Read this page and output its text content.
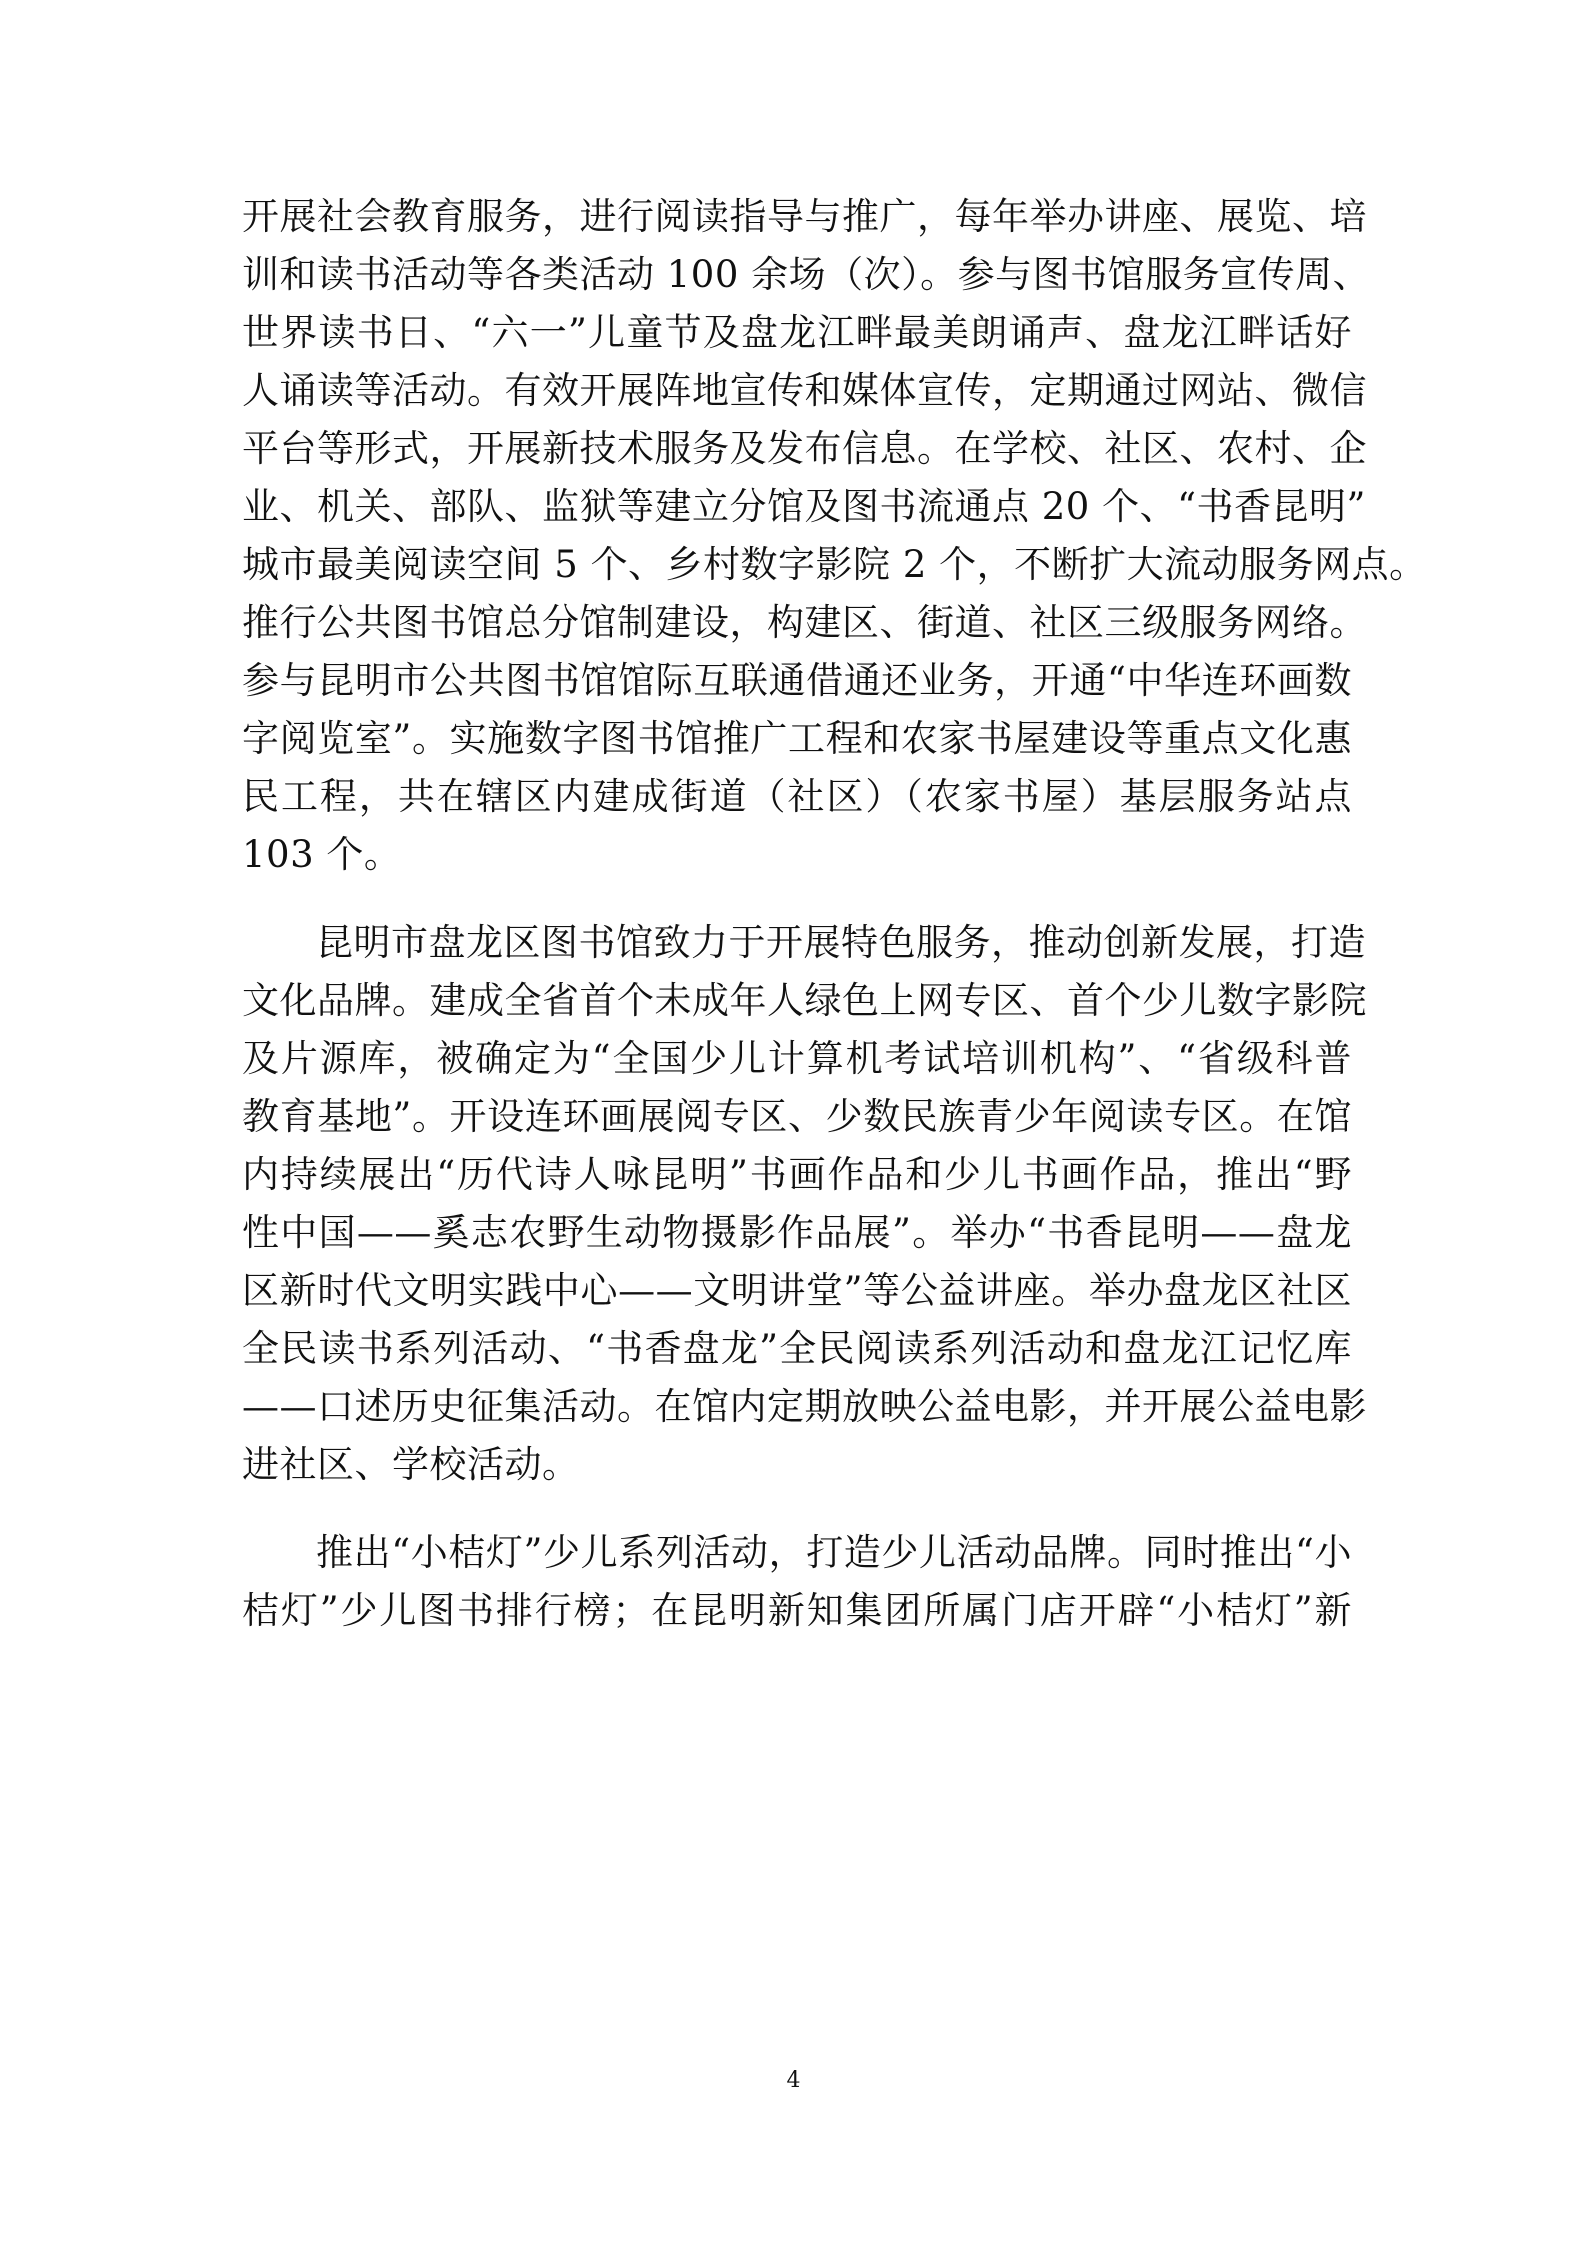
开展社会教育服务，进行阅读指导与推广，每年举办讲座、展览、培
训和读书活动等各类活动 100 余场（次）。参与图书馆服务宣传周、
世界读书日、“六一”儿童节及盘龙江畔最美朗诵声、盘龙江畔话好
人诵读等活动。有效开展阵地宣传和媒体宣传，定期通过网站、微信
平台等形式，开展新技术服务及发布信息。在学校、社区、农村、企
业、机关、部队、监狱等建立分馆及图书流通点 20 个、“书香昆明”
城市最美阅读空间 5 个、乡村数字影院 2 个，不断扩大流动服务网点。
推行公共图书馆总分馆制建设，构建区、街道、社区三级服务网络。
参与昆明市公共图书馆馆际互联通借通还业务，开通“中华连环画数
字阅览室”。实施数字图书馆推广工程和农家书屋建设等重点文化惠
民工程，共在辖区内建成街道（社区）（农家书屋）基层服务站点
103 个。
昆明市盘龙区图书馆致力于开展特色服务，推动创新发展，打造
文化品牌。建成全省首个未成年人绿色上网专区、首个少儿数字影院
及片源库，被确定为“全国少儿计算机考试培训机构”、“省级科普
教育基地”。开设连环画展阅专区、少数民族青少年阅读专区。在馆
内持续展出“历代诗人咏昆明”书画作品和少儿书画作品，推出“野
性中国——奚志农野生动物摄影作品展”。举办“书香昆明——盘龙
区新时代文明实践中心——文明讲堂”等公益讲座。举办盘龙区社区
全民读书系列活动、“书香盘龙”全民阅读系列活动和盘龙江记忆库
——口述历史征集活动。在馆内定期放映公益电影，并开展公益电影
进社区、学校活动。
推出“小桔灯”少儿系列活动，打造少儿活动品牌。同时推出“小
桔灯”少儿图书排行榜；在昆明新知集团所属门店开辟“小桔灯”新
4
